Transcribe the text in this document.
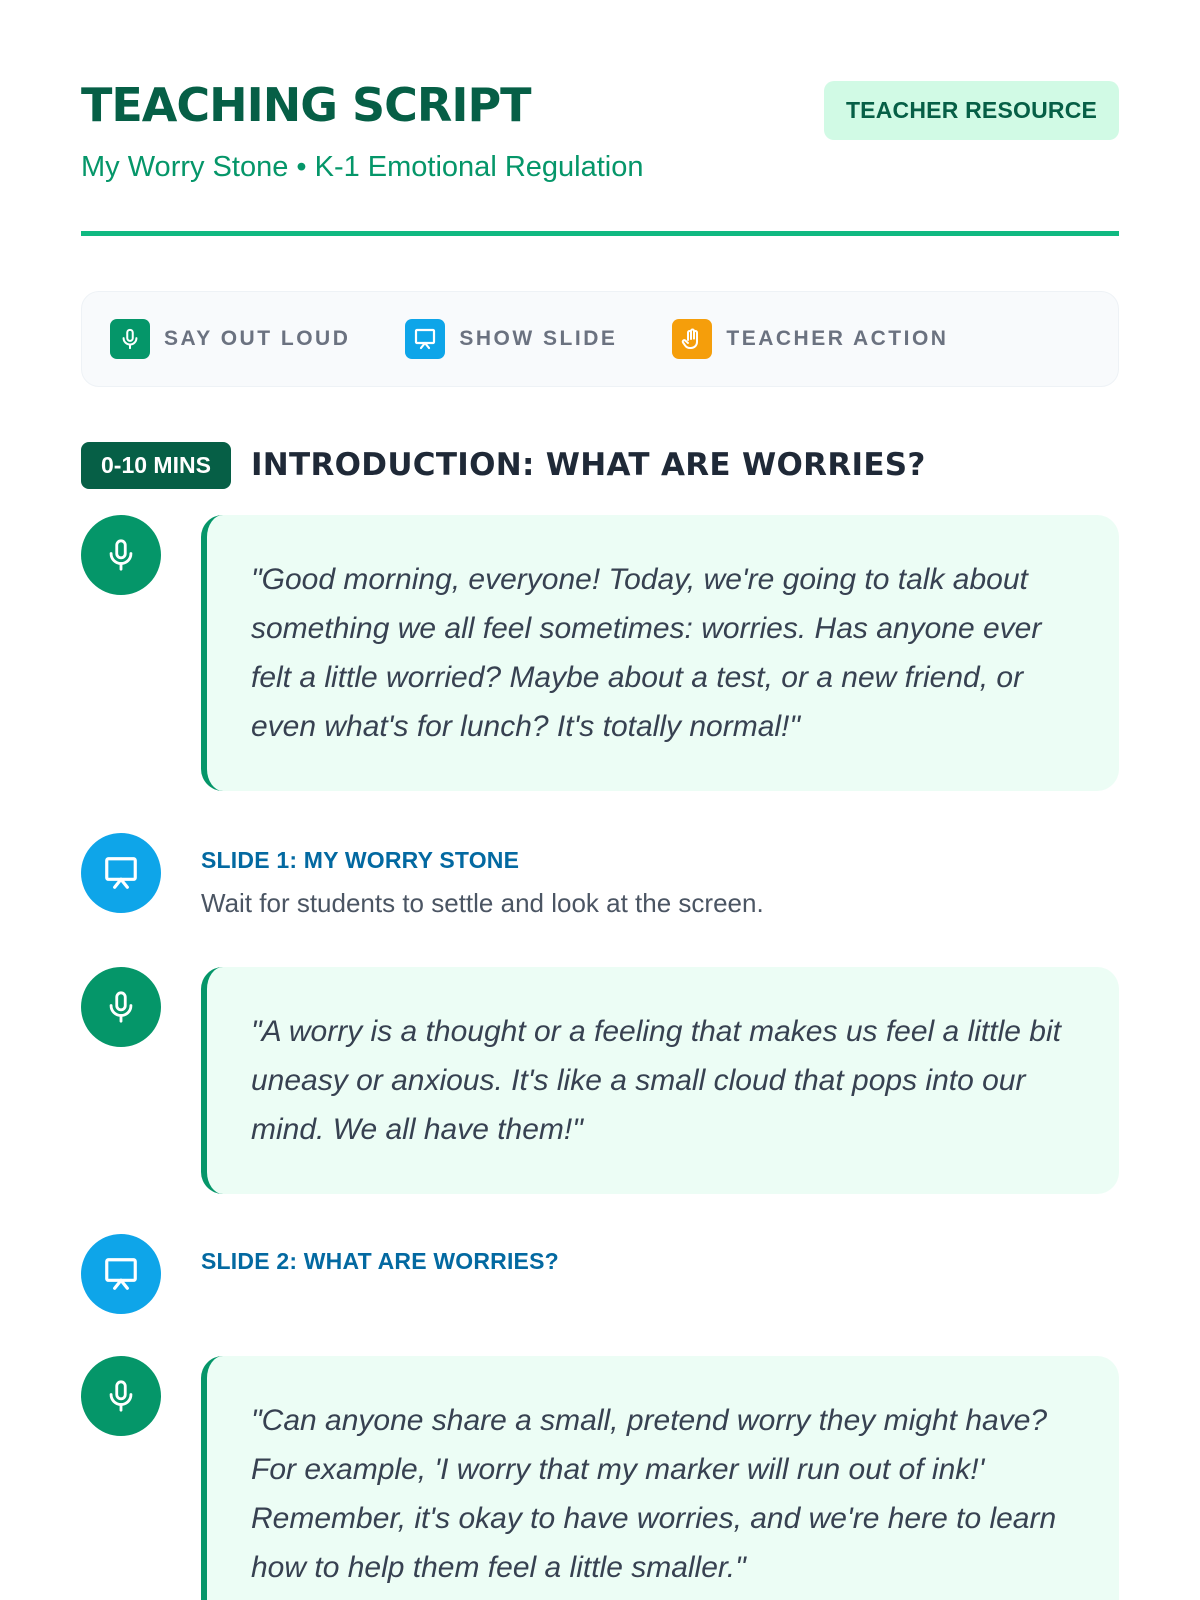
TEACHING SCRIPT
My Worry Stone • K-1 Emotional Regulation
TEACHER RESOURCE
SAY OUT LOUD	SHOW SLIDE	TEACHER ACTION
0-10 MINS	INTRODUCTION: WHAT ARE WORRIES?
"Good morning, everyone! Today, we're going to talk about something we all feel sometimes: worries. Has anyone ever felt a little worried? Maybe about a test, or a new friend, or even what's for lunch? It's totally normal!"
SLIDE 1: MY WORRY STONE
Wait for students to settle and look at the screen.
"A worry is a thought or a feeling that makes us feel a little bit uneasy or anxious. It's like a small cloud that pops into our mind. We all have them!"
SLIDE 2: WHAT ARE WORRIES?
"Can anyone share a small, pretend worry they might have? For example, 'I worry that my marker will run out of ink!' Remember, it's okay to have worries, and we're here to learn how to help them feel a little smaller."
